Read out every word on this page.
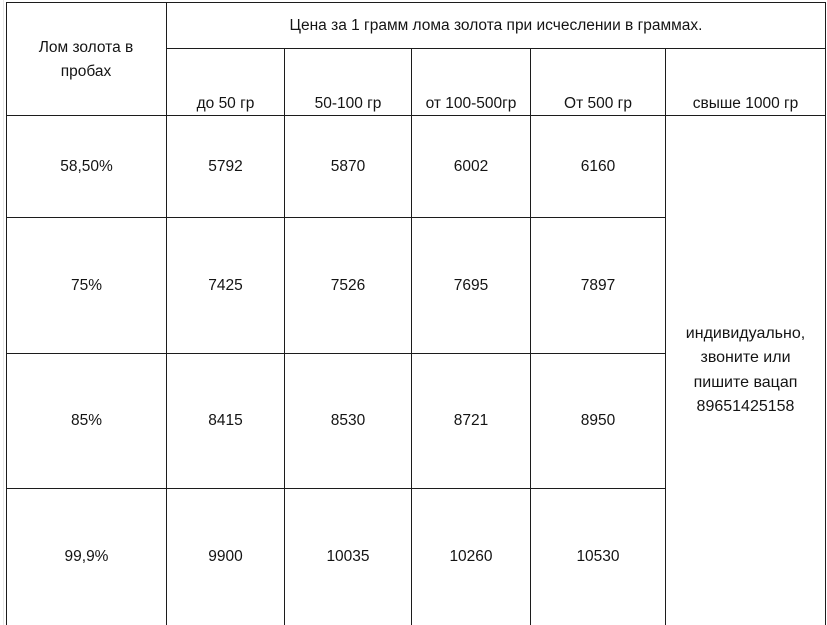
Лом золота в пробах
Цена за 1 грамм лома золота при исчеслении в граммах.
до 50 гр	50-100 гр	от 100-500гр	От 500 гр	свыше 1000 гр
58,50%	5792	5870	6002	6160
75%	7425	7526	7695	7897
85%	8415	8530	8721	8950
99,9%	9900	10035	10260	10530
индивидуально,
звоните или
пишите вацап
89651425158
